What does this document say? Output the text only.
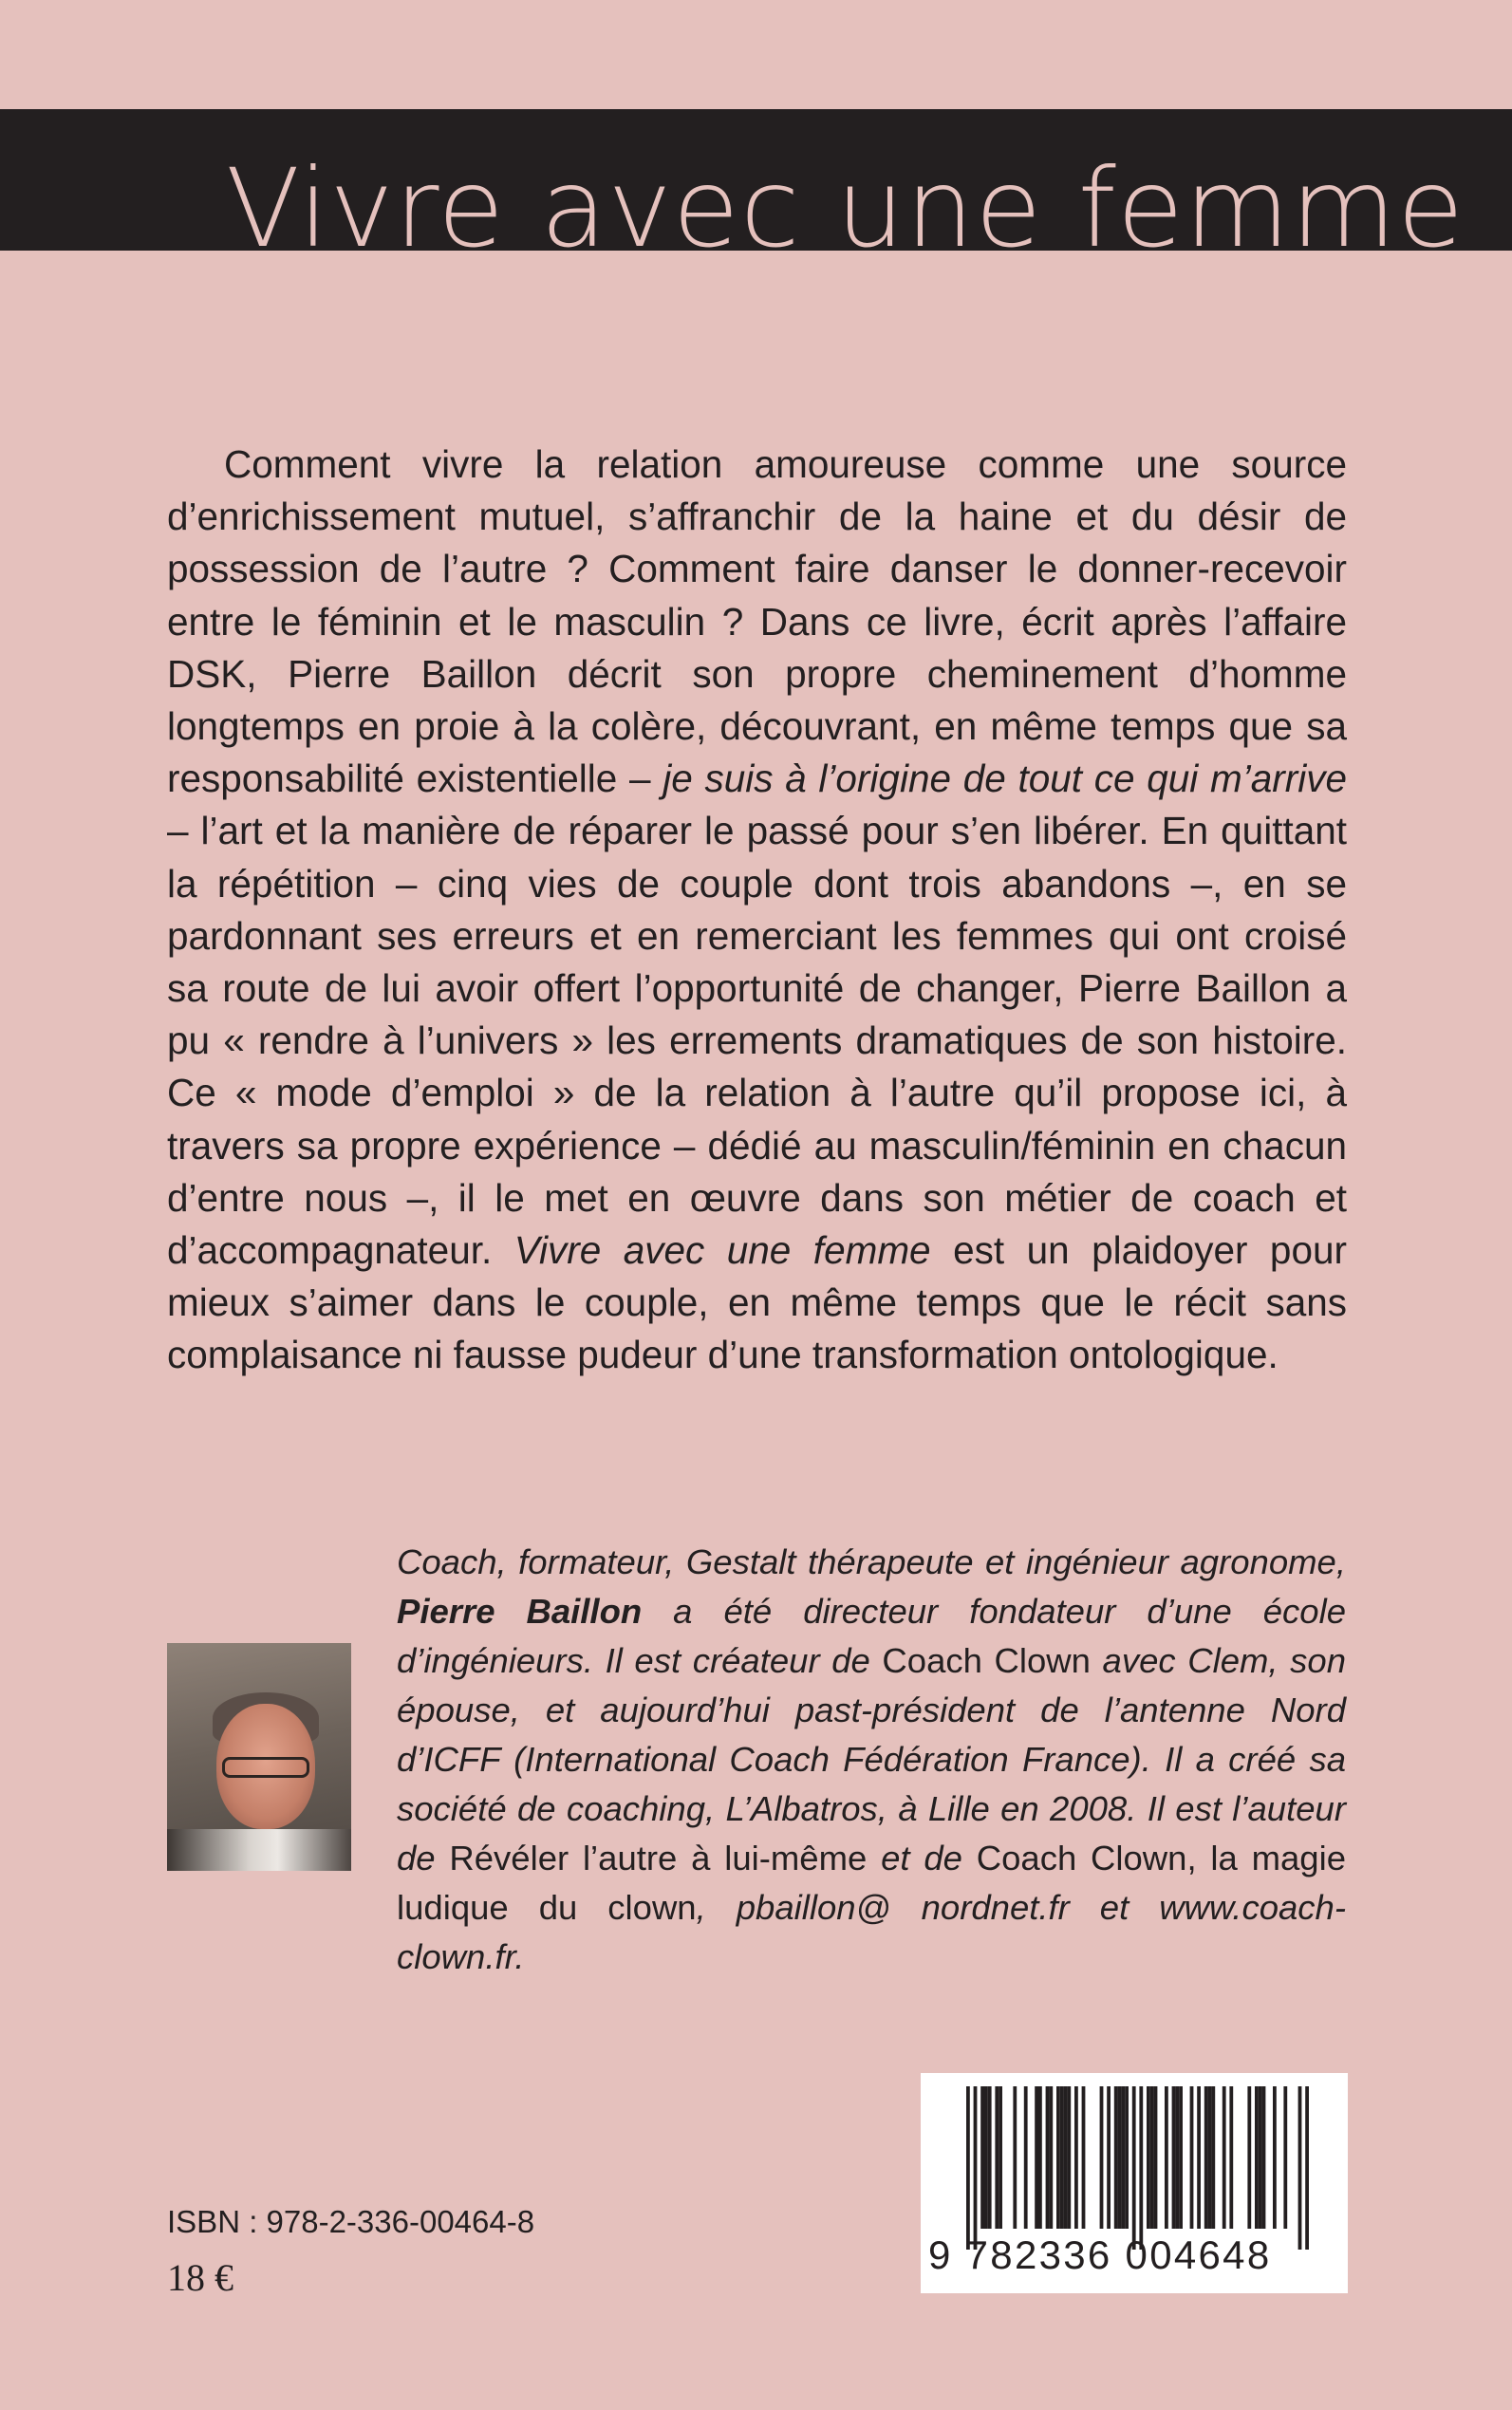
Vivre avec une femme

Comment vivre la relation amoureuse comme une source d’enrichissement mutuel, s’affranchir de la haine et du désir de possession de l’autre ? Comment faire danser le donner-recevoir entre le féminin et le masculin ? Dans ce livre, écrit après l’affaire DSK, Pierre Baillon décrit son propre cheminement d’homme longtemps en proie à la colère, découvrant, en même temps que sa responsabilité existentielle – je suis à l’origine de tout ce qui m’arrive – l’art et la manière de réparer le passé pour s’en libérer. En quittant la répétition – cinq vies de couple dont trois abandons –, en se pardonnant ses erreurs et en remerciant les femmes qui ont croisé sa route de lui avoir offert l’opportunité de changer, Pierre Baillon a pu « rendre à l’univers » les errements dramatiques de son histoire. Ce « mode d’emploi » de la relation à l’autre qu’il propose ici, à travers sa propre expérience – dédié au masculin/féminin en chacun d’entre nous –, il le met en œuvre dans son métier de coach et d’accompagnateur. Vivre avec une femme est un plaidoyer pour mieux s’aimer dans le couple, en même temps que le récit sans complaisance ni fausse pudeur d’une transformation ontologique.

Coach, formateur, Gestalt thérapeute et ingénieur agronome, Pierre Baillon a été directeur fondateur d’une école d’ingénieurs. Il est créateur de Coach Clown avec Clem, son épouse, et aujourd’hui past-président de l’antenne Nord d’ICFF (International Coach Fédération France). Il a créé sa société de coaching, L’Albatros, à Lille en 2008. Il est l’auteur de Révéler l’autre à lui-même et de Coach Clown, la magie ludique du clown, pbaillon@ nordnet.fr et www.coach-clown.fr.

ISBN : 978-2-336-00464-8
18 €
9 782336 004648
